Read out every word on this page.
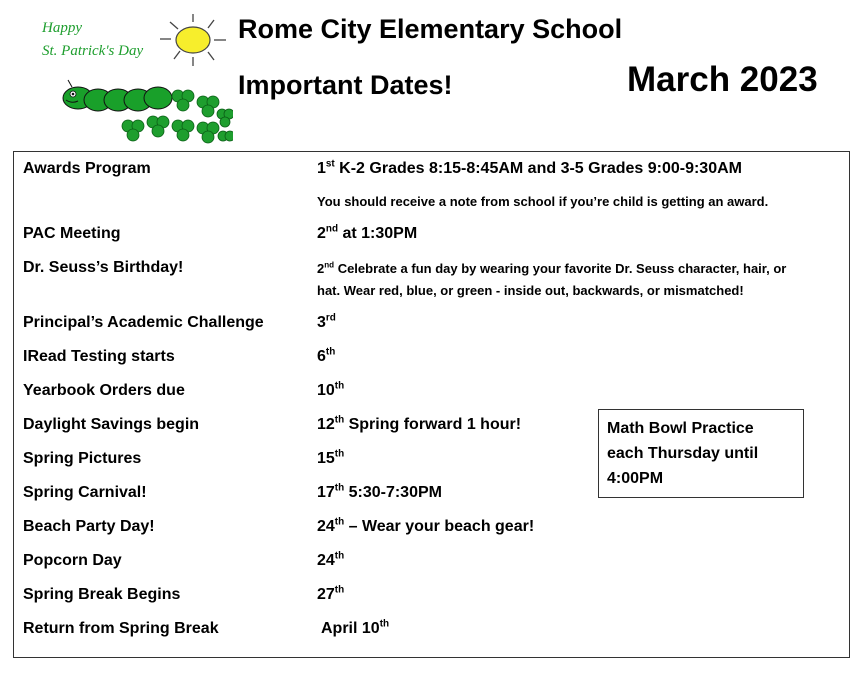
Happy
St. Patrick's Day
Rome City Elementary School
Important Dates!	March 2023
Awards Program	1st K-2 Grades 8:15-8:45AM and 3-5 Grades 9:00-9:30AM
You should receive a note from school if you’re child is getting an award.
PAC Meeting	2nd at 1:30PM
Dr. Seuss’s Birthday!	2nd Celebrate a fun day by wearing your favorite Dr. Seuss character, hair, or
hat. Wear red, blue, or green - inside out, backwards, or mismatched!
Principal’s Academic Challenge	3rd
IRead Testing starts	6th
Yearbook Orders due	10th
Daylight Savings begin	12th Spring forward 1 hour!
Spring Pictures	15th
Spring Carnival!	17th 5:30-7:30PM
Beach Party Day!	24th – Wear your beach gear!
Popcorn Day	24th
Spring Break Begins	27th
Return from Spring Break	April 10th
Math Bowl Practice
each Thursday until
4:00PM
